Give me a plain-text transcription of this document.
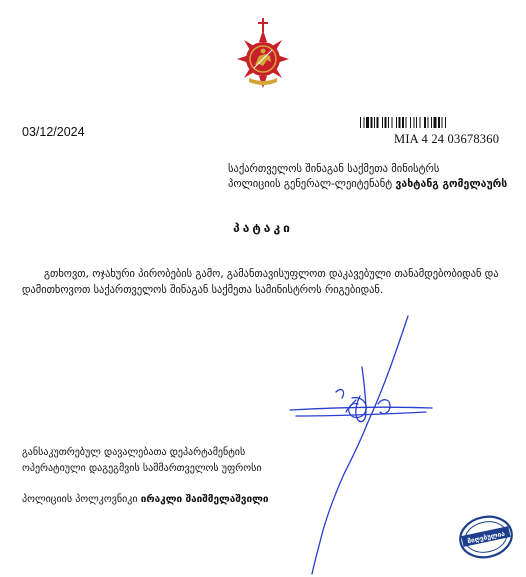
03/12/2024	MIA 4 24 03678360
საქართველოს შინაგან საქმეთა მინისტრს
პოლიციის გენერალ-ლეიტენანტ ვახტანგ გომელაურს
პატაკი
გთხოვთ, ოჯახური პირობების გამო, გამანთავისუფლოთ დაკავებული თანამდებობიდან და
დამითხოვოთ საქართველოს შინაგან საქმეთა სამინისტროს რიგებიდან.
განსაკუთრებულ დავალებათა დეპარტამენტის
ოპერატიული დაგეგმვის სამმართველოს უფროსი
პოლიციის პოლკოვნიკი ირაკლი შაიშმელაშვილი
მიღებულია
